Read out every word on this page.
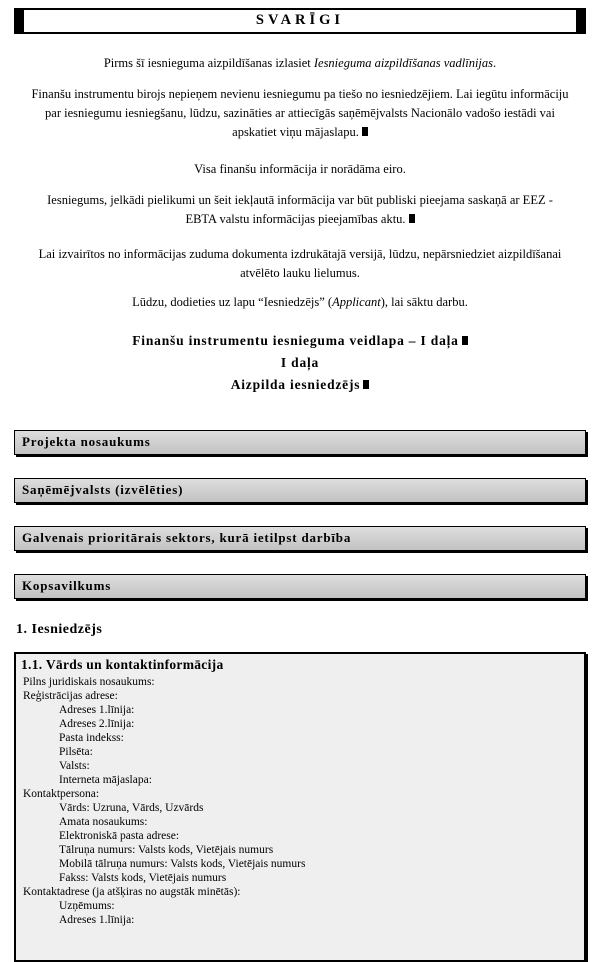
SVARĪGI

Pirms šī iesnieguma aizpildīšanas izlasiet Iesnieguma aizpildīšanas vadlīnijas.

Finanšu instrumentu birojs nepieņem nevienu iesniegumu pa tiešo no iesniedzējiem. Lai iegūtu informāciju par iesniegumu iesniegšanu, lūdzu, sazināties ar attiecīgās saņēmējvalsts Nacionālo vadošo iestādi vai apskatiet viņu mājaslapu.

Visa finanšu informācija ir norādāma eiro.

Iesniegums, jelkādi pielikumi un šeit iekļautā informācija var būt publiski pieejama saskaņā ar EEZ - EBTA valstu informācijas pieejamības aktu.

Lai izvairītos no informācijas zuduma dokumenta izdrukātajā versijā, lūdzu, nepārsniedziet aizpildīšanai atvēlēto lauku lielumus.

Lūdzu, dodieties uz lapu “Iesniedzējs” (Applicant), lai sāktu darbu.

Finanšu instrumentu iesnieguma veidlapa – I daļa
I daļa
Aizpilda iesniedzējs
Projekta nosaukums
Saņēmējvalsts (izvēlēties)
Galvenais prioritārais sektors, kurā ietilpst darbība
Kopsavilkums
1. Iesniedzējs
1.1. Vārds un kontaktinformācija
Pilns juridiskais nosaukums:
Reģistrācijas adrese:
Adreses 1.līnija:
Adreses 2.līnija:
Pasta indekss:
Pilsēta:
Valsts:
Interneta mājaslapa:
Kontaktpersona:
Vārds: Uzruna, Vārds, Uzvārds
Amata nosaukums:
Elektroniskā pasta adrese:
Tālruņa numurs: Valsts kods, Vietējais numurs
Mobilā tālruņa numurs: Valsts kods, Vietējais numurs
Fakss: Valsts kods, Vietējais numurs
Kontaktadrese (ja atšķiras no augstāk minētās):
Uzņēmums:
Adreses 1.līnija:
